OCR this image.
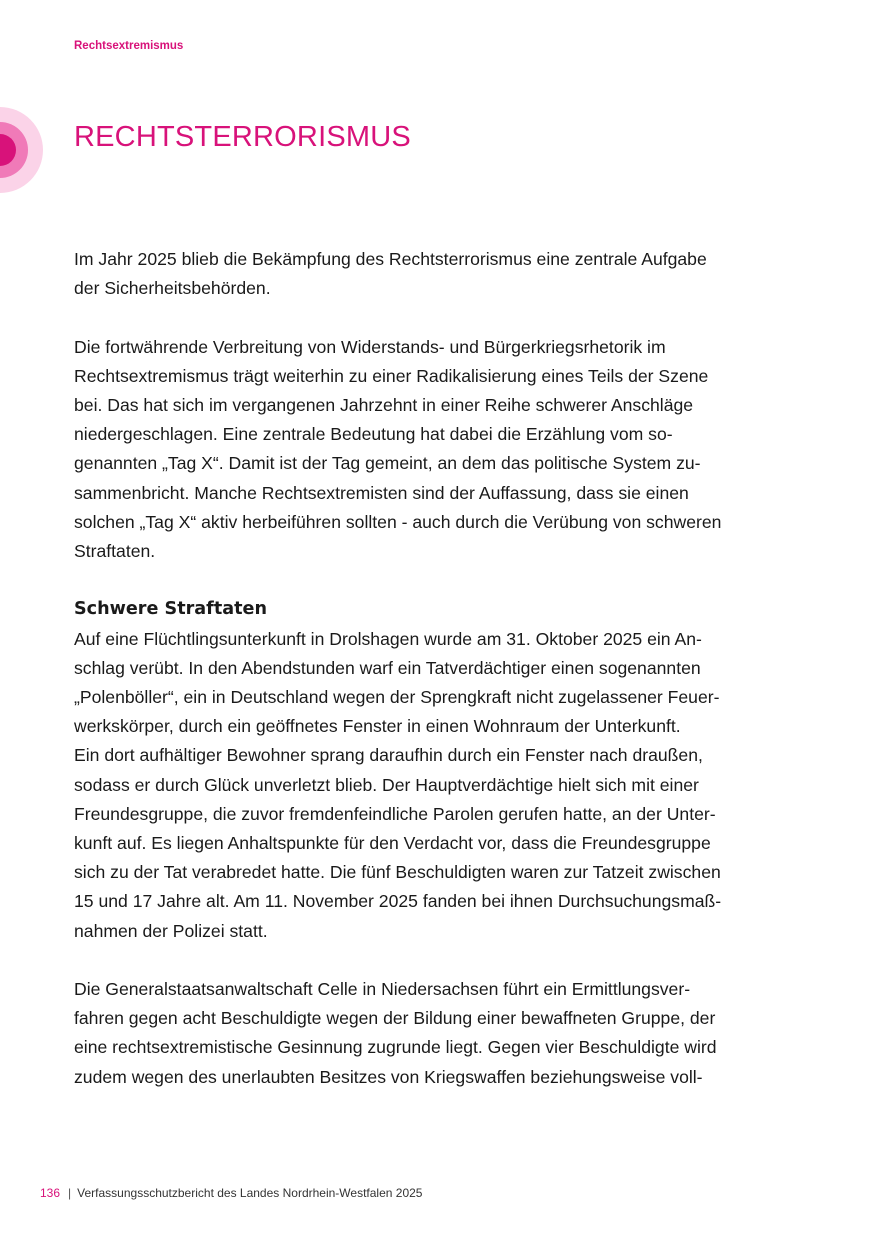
Rechtsextremismus
RECHTSTERRORISMUS

Im Jahr 2025 blieb die Bekämpfung des Rechtsterrorismus eine zentrale Aufgabe

der Sicherheitsbehörden.

Die fortwährende Verbreitung von Widerstands- und Bürgerkriegsrhetorik im

Rechtsextremismus trägt weiterhin zu einer Radikalisierung eines Teils der Szene

bei. Das hat sich im vergangenen Jahrzehnt in einer Reihe schwerer Anschläge

niedergeschlagen. Eine zentrale Bedeutung hat dabei die Erzählung vom so-

genannten „Tag X“. Damit ist der Tag gemeint, an dem das politische System zu-

sammenbricht. Manche Rechtsextremisten sind der Auffassung, dass sie einen

solchen „Tag X“ aktiv herbeiführen sollten - auch durch die Verübung von schweren

Straftaten.

Schwere Straftaten

Auf eine Flüchtlingsunterkunft in Drolshagen wurde am 31. Oktober 2025 ein An-

schlag verübt. In den Abendstunden warf ein Tatverdächtiger einen sogenannten

„Polenböller“, ein in Deutschland wegen der Sprengkraft nicht zugelassener Feuer-

werkskörper, durch ein geöffnetes Fenster in einen Wohnraum der Unterkunft.

Ein dort aufhältiger Bewohner sprang daraufhin durch ein Fenster nach draußen,

sodass er durch Glück unverletzt blieb. Der Hauptverdächtige hielt sich mit einer

Freundesgruppe, die zuvor fremdenfeindliche Parolen gerufen hatte, an der Unter-

kunft auf. Es liegen Anhaltspunkte für den Verdacht vor, dass die Freundesgruppe

sich zu der Tat verabredet hatte. Die fünf Beschuldigten waren zur Tatzeit zwischen

15 und 17 Jahre alt. Am 11. November 2025 fanden bei ihnen Durchsuchungsmaß-

nahmen der Polizei statt.

Die Generalstaatsanwaltschaft Celle in Niedersachsen führt ein Ermittlungsver-

fahren gegen acht Beschuldigte wegen der Bildung einer bewaffneten Gruppe, der

eine rechtsextremistische Gesinnung zugrunde liegt. Gegen vier Beschuldigte wird

zudem wegen des unerlaubten Besitzes von Kriegswaffen beziehungsweise voll-

136 | Verfassungsschutzbericht des Landes Nordrhein-Westfalen 2025
